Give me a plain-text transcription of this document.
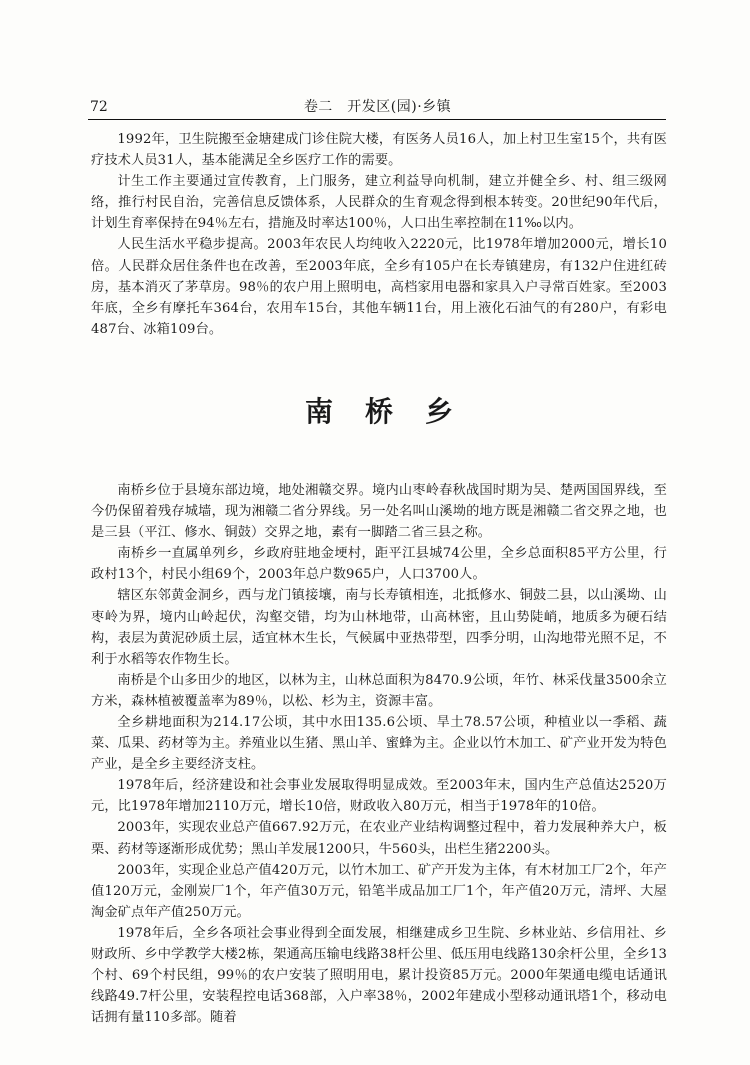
72	卷二　开发区(园)·乡镇

1992年，卫生院搬至金塘建成门诊住院大楼，有医务人员16人，加上村卫生室15个，共有医疗技术人员31人，基本能满足全乡医疗工作的需要。

计生工作主要通过宣传教育，上门服务，建立利益导向机制，建立并健全乡、村、组三级网络，推行村民自治，完善信息反馈体系，人民群众的生育观念得到根本转变。20世纪90年代后，计划生育率保持在94％左右，措施及时率达100％，人口出生率控制在11‰以内。

人民生活水平稳步提高。2003年农民人均纯收入2220元，比1978年增加2000元，增长10倍。人民群众居住条件也在改善，至2003年底，全乡有105户在长寿镇建房，有132户住进红砖房，基本消灭了茅草房。98％的农户用上照明电，高档家用电器和家具入户寻常百姓家。至2003年底，全乡有摩托车364台，农用车15台，其他车辆11台，用上液化石油气的有280户，有彩电487台、冰箱109台。

南桥乡

南桥乡位于县境东部边境，地处湘赣交界。境内山枣岭春秋战国时期为吴、楚两国国界线，至今仍保留着残存城墙，现为湘赣二省分界线。另一处名叫山溪坳的地方既是湘赣二省交界之地，也是三县（平江、修水、铜鼓）交界之地，素有一脚踏二省三县之称。

南桥乡一直属单列乡，乡政府驻地金埂村，距平江县城74公里，全乡总面积85平方公里，行政村13个，村民小组69个，2003年总户数965户，人口3700人。

辖区东邻黄金洞乡，西与龙门镇接壤，南与长寿镇相连，北抵修水、铜鼓二县，以山溪坳、山枣岭为界，境内山岭起伏，沟壑交错，均为山林地带，山高林密，且山势陡峭，地质多为硬石结构，表层为黄泥砂质土层，适宜林木生长，气候属中亚热带型，四季分明，山沟地带光照不足，不利于水稻等农作物生长。

南桥是个山多田少的地区，以林为主，山林总面积为8470.9公顷，年竹、林采伐量3500余立方米，森林植被覆盖率为89％，以松、杉为主，资源丰富。

全乡耕地面积为214.17公顷，其中水田135.6公顷、旱土78.57公顷，种植业以一季稻、蔬菜、瓜果、药材等为主。养殖业以生猪、黑山羊、蜜蜂为主。企业以竹木加工、矿产业开发为特色产业，是全乡主要经济支柱。

1978年后，经济建设和社会事业发展取得明显成效。至2003年末，国内生产总值达2520万元，比1978年增加2110万元，增长10倍，财政收入80万元，相当于1978年的10倍。

2003年，实现农业总产值667.92万元，在农业产业结构调整过程中，着力发展种养大户，板栗、药材等逐渐形成优势；黑山羊发展1200只，牛560头，出栏生猪2200头。

2003年，实现企业总产值420万元，以竹木加工、矿产开发为主体，有木材加工厂2个，年产值120万元，金刚炭厂1个，年产值30万元，铅笔半成品加工厂1个，年产值20万元，清坪、大屋淘金矿点年产值250万元。

1978年后，全乡各项社会事业得到全面发展，相继建成乡卫生院、乡林业站、乡信用社、乡财政所、乡中学教学大楼2栋，架通高压输电线路38杆公里、低压用电线路130余杆公里，全乡13个村、69个村民组，99％的农户安装了照明用电，累计投资85万元。2000年架通电缆电话通讯线路49.7杆公里，安装程控电话368部，入户率38％，2002年建成小型移动通讯塔1个，移动电话拥有量110多部。随着
